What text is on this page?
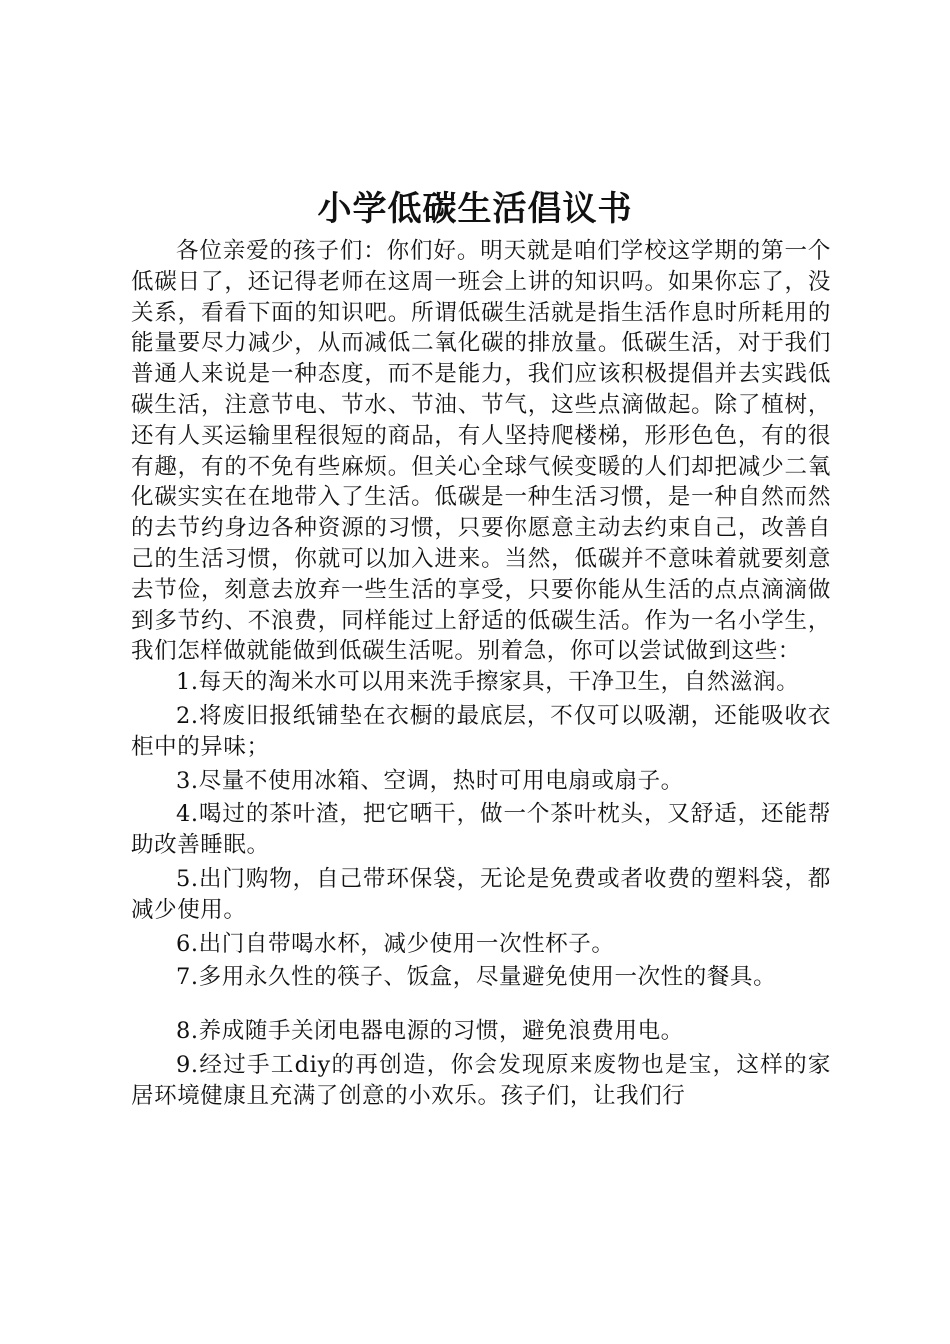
小学低碳生活倡议书

各位亲爱的孩子们：你们好。明天就是咱们学校这学期的第一个低碳日了，还记得老师在这周一班会上讲的知识吗。如果你忘了，没关系，看看下面的知识吧。所谓低碳生活就是指生活作息时所耗用的能量要尽力减少，从而减低二氧化碳的排放量。低碳生活，对于我们普通人来说是一种态度，而不是能力，我们应该积极提倡并去实践低碳生活，注意节电、节水、节油、节气，这些点滴做起。除了植树，还有人买运输里程很短的商品，有人坚持爬楼梯，形形色色，有的很有趣，有的不免有些麻烦。但关心全球气候变暖的人们却把减少二氧化碳实实在在地带入了生活。低碳是一种生活习惯，是一种自然而然的去节约身边各种资源的习惯，只要你愿意主动去约束自己，改善自己的生活习惯，你就可以加入进来。当然，低碳并不意味着就要刻意去节俭，刻意去放弃一些生活的享受，只要你能从生活的点点滴滴做到多节约、不浪费，同样能过上舒适的低碳生活。作为一名小学生，我们怎样做就能做到低碳生活呢。别着急，你可以尝试做到这些：

1.每天的淘米水可以用来洗手擦家具，干净卫生，自然滋润。

2.将废旧报纸铺垫在衣橱的最底层，不仅可以吸潮，还能吸收衣柜中的异味；

3.尽量不使用冰箱、空调，热时可用电扇或扇子。

4.喝过的茶叶渣，把它晒干，做一个茶叶枕头，又舒适，还能帮助改善睡眠。

5.出门购物，自己带环保袋，无论是免费或者收费的塑料袋，都减少使用。

6.出门自带喝水杯，减少使用一次性杯子。

7.多用永久性的筷子、饭盒，尽量避免使用一次性的餐具。

8.养成随手关闭电器电源的习惯，避免浪费用电。

9.经过手工diy的再创造，你会发现原来废物也是宝，这样的家居环境健康且充满了创意的小欢乐。孩子们，让我们行
